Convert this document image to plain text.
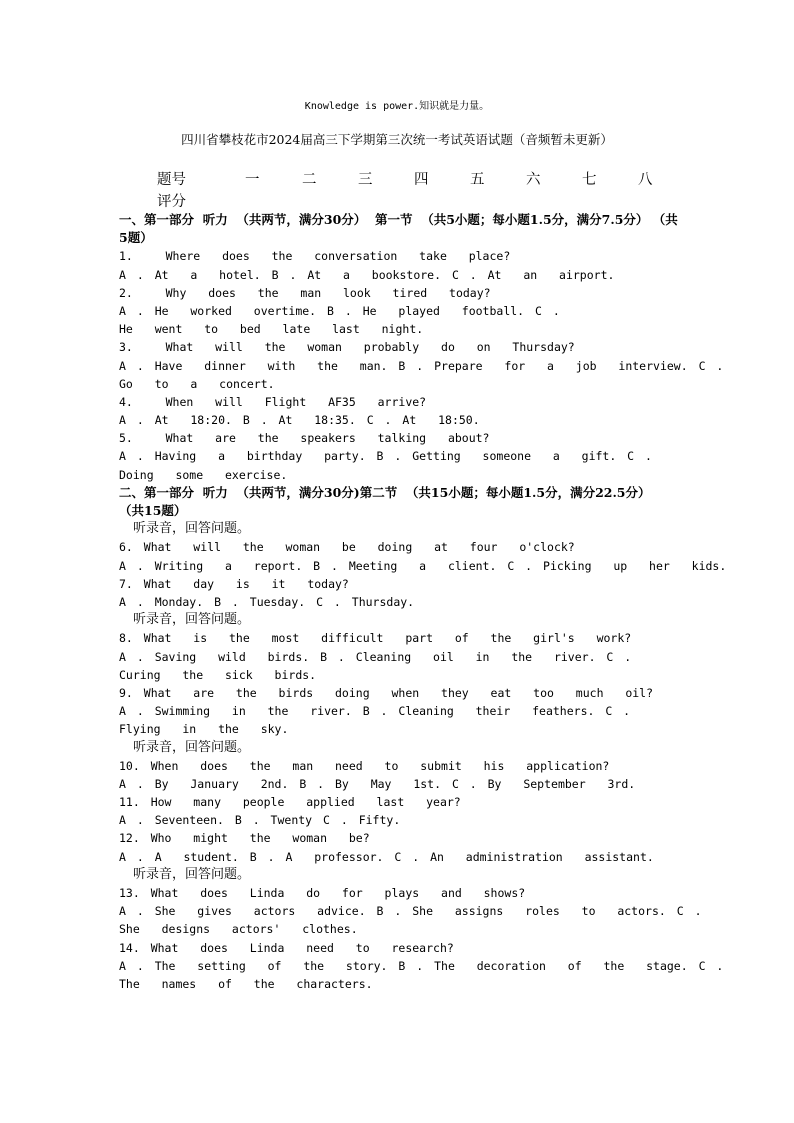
Knowledge is power.知识就是力量。
四川省攀枝花市2024届高三下学期第三次统一考试英语试题（音频暂未更新）
题号	一	二	三	四	五	六	七	八
评分
一、第一部分  听力  （共两节，满分30分）  第一节  （共5小题；每小题1.5分，满分7.5分） （共5题）
1.   Where  does  the  conversation  take  place?
A . At  a  hotel. B . At  a  bookstore. C . At  an  airport.
2.   Why  does  the  man  look  tired  today?
A . He  worked  overtime. B . He  played  football. C .
He  went  to  bed  late  last  night.
3.   What  will  the  woman  probably  do  on  Thursday?
A . Have  dinner  with  the  man. B . Prepare  for  a  job  interview. C .
Go  to  a  concert.
4.   When  will  Flight  AF35  arrive?
A . At  18:20. B . At  18:35. C . At  18:50.
5.   What  are  the  speakers  talking  about?
A . Having  a  birthday  party. B . Getting  someone  a  gift. C .
Doing  some  exercise.
二、第一部分  听力  （共两节，满分30分)第二节  （共15小题；每小题1.5分，满分22.5分） （共15题）
听录音，回答问题。
6. What  will  the  woman  be  doing  at  four  o'clock?
A . Writing  a  report. B . Meeting  a  client. C . Picking  up  her  kids.
7. What  day  is  it  today?
A . Monday. B . Tuesday. C . Thursday.
听录音，回答问题。
8. What  is  the  most  difficult  part  of  the  girl's  work?
A . Saving  wild  birds. B . Cleaning  oil  in  the  river. C .
Curing  the  sick  birds.
9. What  are  the  birds  doing  when  they  eat  too  much  oil?
A . Swimming  in  the  river. B . Cleaning  their  feathers. C .
Flying  in  the  sky.
听录音，回答问题。
10. When  does  the  man  need  to  submit  his  application?
A . By  January  2nd. B . By  May  1st. C . By  September  3rd.
11. How  many  people  applied  last  year?
A . Seventeen. B . Twenty C . Fifty.
12. Who  might  the  woman  be?
A . A  student. B . A  professor. C . An  administration  assistant.
听录音，回答问题。
13. What  does  Linda  do  for  plays  and  shows?
A . She  gives  actors  advice. B . She  assigns  roles  to  actors. C .
She  designs  actors'  clothes.
14. What  does  Linda  need  to  research?
A . The  setting  of  the  story. B . The  decoration  of  the  stage. C .
The  names  of  the  characters.
